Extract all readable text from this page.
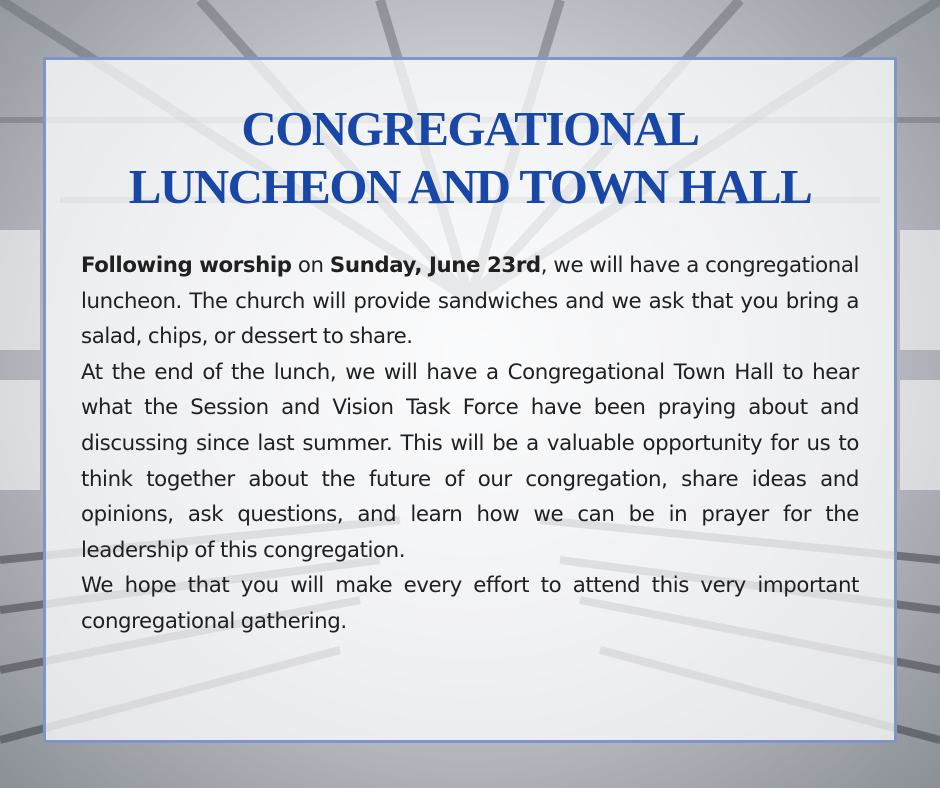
CONGREGATIONAL
LUNCHEON AND TOWN HALL

Following worship on Sunday, June 23rd, we will have a congregational luncheon. The church will provide sandwiches and we ask that you bring a salad, chips, or dessert to share.

At the end of the lunch, we will have a Congregational Town Hall to hear what the Session and Vision Task Force have been praying about and discussing since last summer. This will be a valuable opportunity for us to think together about the future of our congregation, share ideas and opinions, ask questions, and learn how we can be in prayer for the leadership of this congregation.

We hope that you will make every effort to attend this very important congregational gathering.
